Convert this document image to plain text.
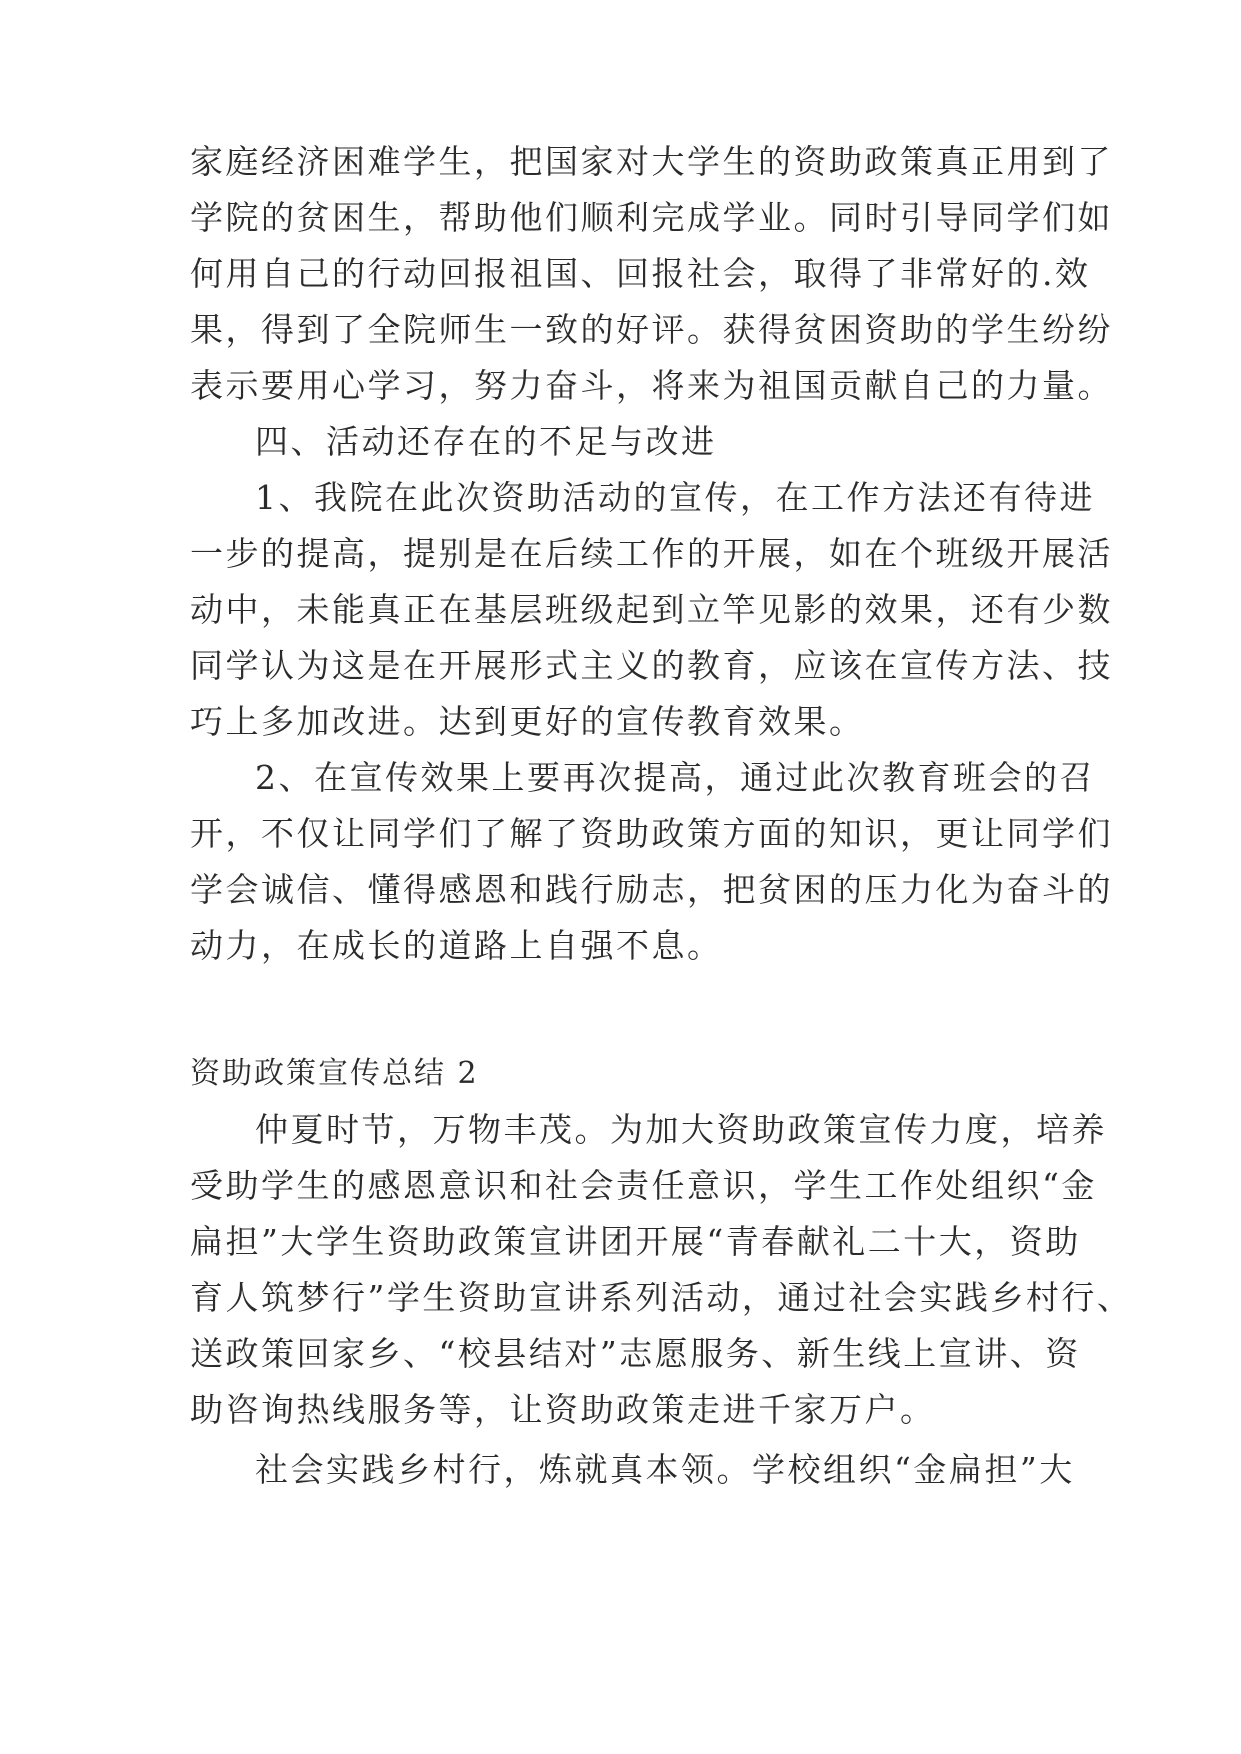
家庭经济困难学生，把国家对大学生的资助政策真正用到了
学院的贫困生，帮助他们顺利完成学业。同时引导同学们如
何用自己的行动回报祖国、回报社会，取得了非常好的.效
果，得到了全院师生一致的好评。获得贫困资助的学生纷纷
表示要用心学习，努力奋斗，将来为祖国贡献自己的力量。
四、活动还存在的不足与改进
1、我院在此次资助活动的宣传，在工作方法还有待进
一步的提高，提别是在后续工作的开展，如在个班级开展活
动中，未能真正在基层班级起到立竿见影的效果，还有少数
同学认为这是在开展形式主义的教育，应该在宣传方法、技
巧上多加改进。达到更好的宣传教育效果。
2、在宣传效果上要再次提高，通过此次教育班会的召
开，不仅让同学们了解了资助政策方面的知识，更让同学们
学会诚信、懂得感恩和践行励志，把贫困的压力化为奋斗的
动力，在成长的道路上自强不息。
资助政策宣传总结 2
仲夏时节，万物丰茂。为加大资助政策宣传力度，培养
受助学生的感恩意识和社会责任意识，学生工作处组织“金
扁担”大学生资助政策宣讲团开展“青春献礼二十大，资助
育人筑梦行”学生资助宣讲系列活动，通过社会实践乡村行、
送政策回家乡、“校县结对”志愿服务、新生线上宣讲、资
助咨询热线服务等，让资助政策走进千家万户。
社会实践乡村行，炼就真本领。学校组织“金扁担”大
